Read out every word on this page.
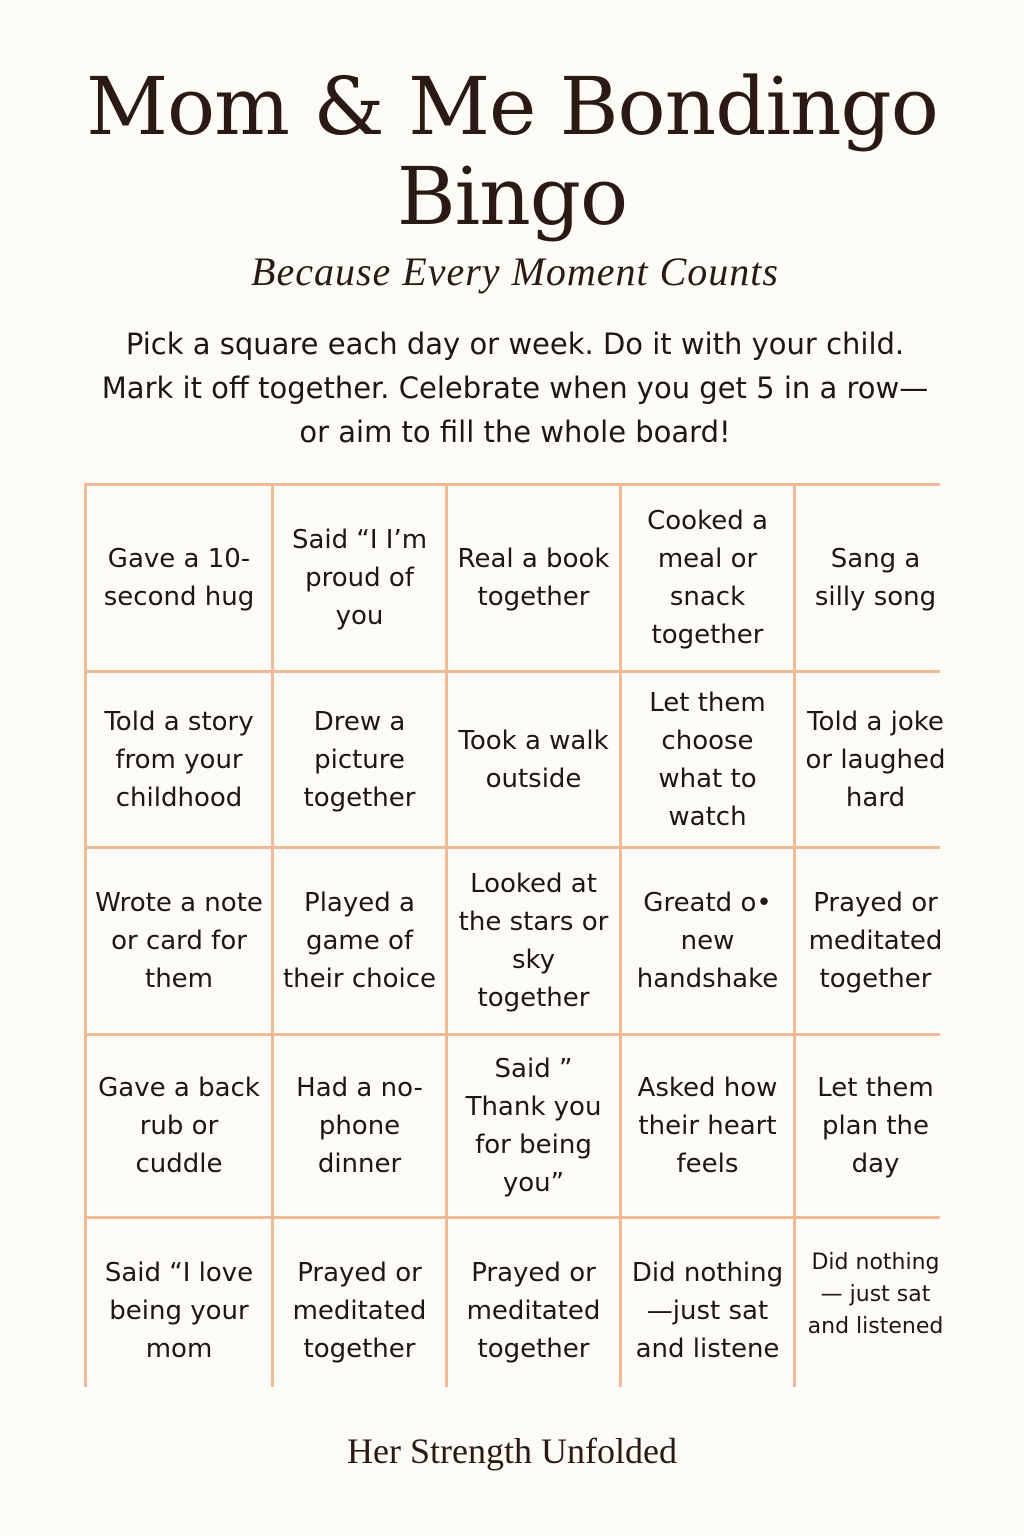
Mom & Me Bondingo Bingo
Because Every Moment Counts
Pick a square each day or week. Do it with your child. Mark it off together. Celebrate when you get 5 in a row—or aim to fill the whole board!
Gave a 10-second hug
Said “I I’m proud of you
Real a book together
Cooked a meal or snack together
Sang a silly song
Told a story from your childhood
Drew a picture together
Took a walk outside
Let them choose what to watch
Told a joke or laughed hard
Wrote a note or card for them
Played a game of their choice
Looked at the stars or sky together
Greatd o• new handshake
Prayed or meditated together
Gave a back rub or cuddle
Had a no-phone dinner
Said ” Thank you for being you”
Asked how their heart feels
Let them plan the day
Said “I love being your mom
Prayed or meditated together
Prayed or meditated together
Did nothing—just sat and listene
Did nothing— just sat and listened
Her Strength Unfolded
